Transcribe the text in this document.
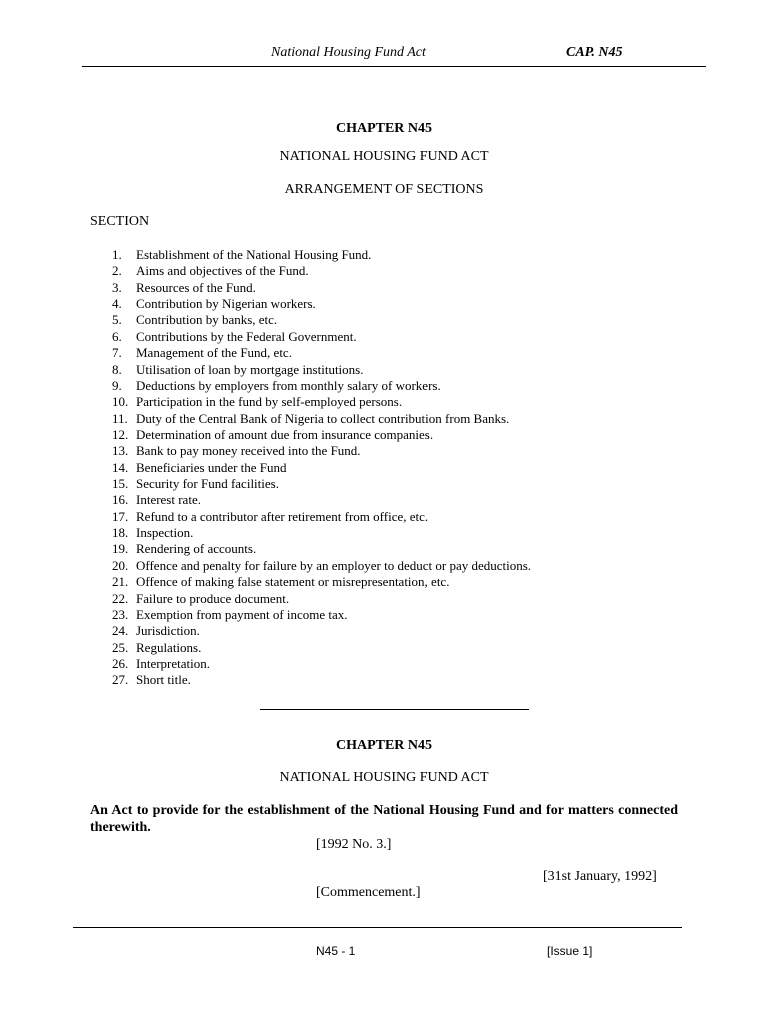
National Housing Fund Act	CAP. N45
CHAPTER N45
NATIONAL HOUSING FUND ACT
ARRANGEMENT OF SECTIONS
SECTION
1. Establishment of the National Housing Fund.
2. Aims and objectives of the Fund.
3. Resources of the Fund.
4. Contribution by Nigerian workers.
5. Contribution by banks, etc.
6. Contributions by the Federal Government.
7. Management of the Fund, etc.
8. Utilisation of loan by mortgage institutions.
9. Deductions by employers from monthly salary of workers.
10. Participation in the fund by self-employed persons.
11. Duty of the Central Bank of Nigeria to collect contribution from Banks.
12. Determination of amount due from insurance companies.
13. Bank to pay money received into the Fund.
14. Beneficiaries under the Fund
15. Security for Fund facilities.
16. Interest rate.
17. Refund to a contributor after retirement from office, etc.
18. Inspection.
19. Rendering of accounts.
20. Offence and penalty for failure by an employer to deduct or pay deductions.
21. Offence of making false statement or misrepresentation, etc.
22. Failure to produce document.
23. Exemption from payment of income tax.
24. Jurisdiction.
25. Regulations.
26. Interpretation.
27. Short title.
CHAPTER N45
NATIONAL HOUSING FUND ACT
An Act to provide for the establishment of the National Housing Fund and for matters connected therewith.
[1992 No. 3.]
[31st January, 1992]
[Commencement.]
N45 - 1	[Issue 1]
